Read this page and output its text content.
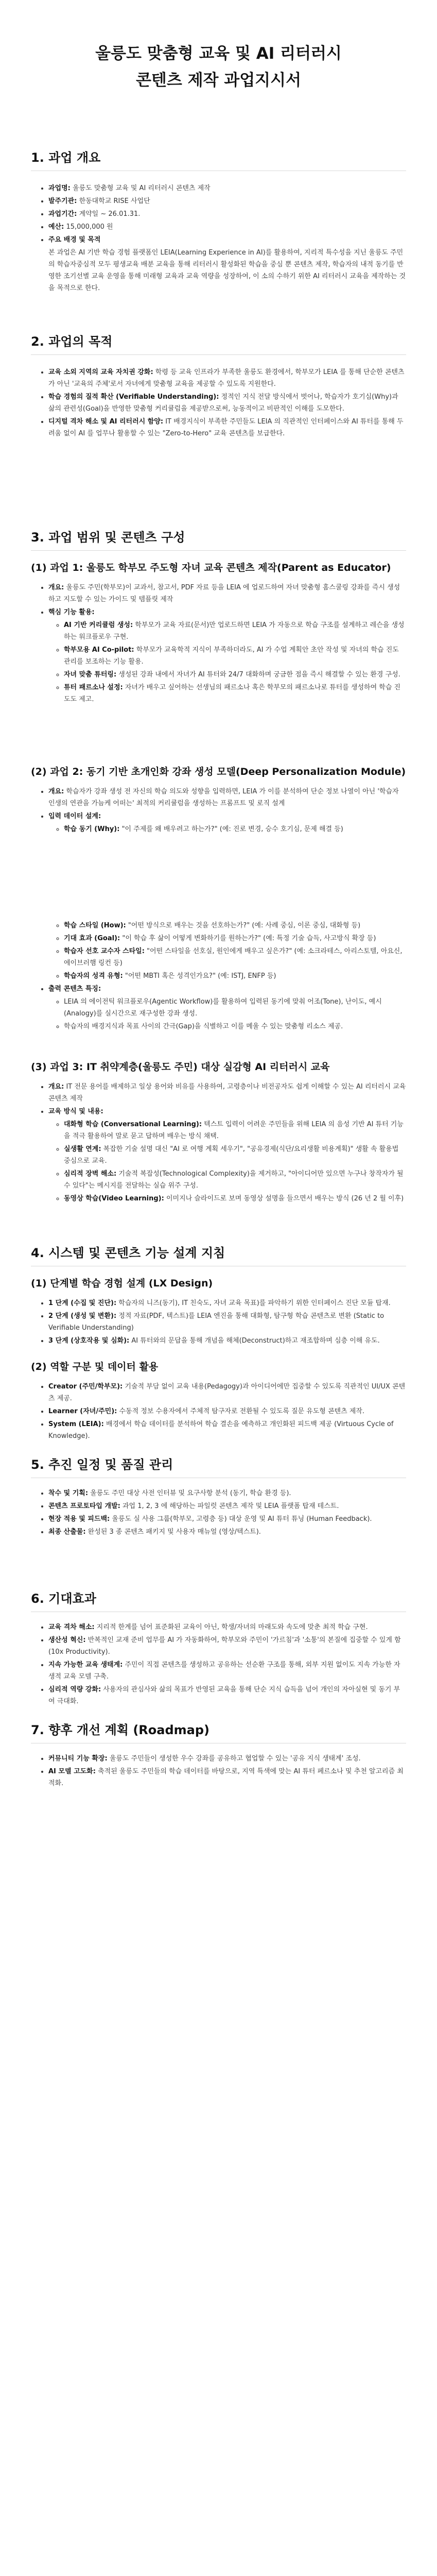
울릉도 맞춤형 교육 및 AI 리터러시
콘텐츠 제작 과업지시서
1. 과업 개요
• 과업명: 울릉도 맞춤형 교육 및 AI 리터러시 콘텐츠 제작
• 발주기관: 한동대학교 RISE 사업단
• 과업기간: 계약일 ~ 26.01.31.
• 예산: 15,000,000 원
• 주요 배경 및 목적

본 과업은 AI 기반 학습 경험 플랫폼인 LEIA(Learning Experience in AI)를 활용하여, 지리적 특수성을 지닌 울릉도 주민의 학습자중심적 모두 평생교육 배분 교육을 통해 리터러시 활성화된 학습을 중심 뿐 콘텐츠 제작, 학습자의 내적 동기를 반영한 조기선별 교육 운영을 통해 미래형 교육과 교육 역량을 성장하여, 이 소의 수하기 위한 AI 리터러시 교육을 제작하는 것을 목적으로 한다.

2. 과업의 목적
• 교육 소외 지역의 교육 자치권 강화: 학령 등 교육 인프라가 부족한 울릉도 환경에서, 학부모가 LEIA 를 통해 단순한 콘텐츠가 아닌 '교육의 주체'로서 자녀에게 맞춤형 교육을 제공할 수 있도록 지원한다.
• 학습 경험의 질적 확산 (Verifiable Understanding): 정적인 지식 전달 방식에서 벗어나, 학습자가 호기심(Why)과 삶의 관련성(Goal)을 반영한 맞춤형 커리큘럼을 제공받으로써, 능동적이고 비판적인 이해를 도모한다.
• 디지털 격차 해소 및 AI 리터러시 함양: IT 배경지식이 부족한 주민들도 LEIA 의 직관적인 인터페이스와 AI 튜터를 통해 두려움 없이 AI 를 업무나 활용할 수 있는 "Zero-to-Hero" 교육 콘텐츠를 보급한다.
3. 과업 범위 및 콘텐츠 구성
(1) 과업 1: 울릉도 학부모 주도형 자녀 교육 콘텐츠 제작(Parent as Educator)
• 개요: 울릉도 주민(학부모)이 교과서, 참고서, PDF 자료 등을 LEIA 에 업로드하여 자녀 맞춤형 홈스쿨링 강좌를 즉시 생성하고 지도할 수 있는 가이드 및 템플릿 제작
• 핵심 기능 활용:
◦ AI 기반 커리큘럼 생성: 학부모가 교육 자료(문서)만 업로드하면 LEIA 가 자동으로 학습 구조를 설계하고 레슨을 생성하는 워크플로우 구현.
◦ 학부모용 AI Co-pilot: 학부모가 교육학적 지식이 부족하더라도, AI 가 수업 계획안 초안 작성 및 자녀의 학습 진도 관리를 보조하는 기능 활용.
◦ 자녀 맞춤 튜터링: 생성된 강좌 내에서 자녀가 AI 튜터와 24/7 대화하며 궁금한 점을 즉시 해결할 수 있는 환경 구성.
◦ 튜터 패르소나 설정: 자녀가 배우고 싶어하는 선생님의 패르소나 혹은 학부모의 패르소나로 튜터를 생성하여 학습 진도도 제고.
(2) 과업 2: 동기 기반 초개인화 강좌 생성 모델(Deep Personalization Module)
• 개요: 학습자가 강좌 생성 전 자신의 학습 의도와 성향을 입력하면, LEIA 가 이를 분석하여 단순 정보 나열이 아닌 '학습자 인생의 연관을 가늠케 어떠는' 최적의 커리큘럼을 생성하는 프롬프트 및 로직 설계
• 입력 데이터 설계:
◦ 학습 동기 (Why): "이 주제를 왜 배우려고 하는가?" (예: 진로 변경, 승수 호기심, 문제 해결 등)
◦ 학습 스타일 (How): "어떤 방식으로 배우는 것을 선호하는가?" (예: 사례 중심, 이론 중심, 대화형 등)
◦ 기대 효과 (Goal): "이 학습 후 삶이 어떻게 변화하기를 원하는가?" (예: 특정 기술 습득, 사고방식 확장 등)
◦ 학습자 선호 교수자 스타일: "어떤 스타일을 선호실, 원인에게 배우고 싶은가?" (예: 소크라테스, 아리스토텔, 아요신, 에이브러햄 링컨 등)
◦ 학습자의 성격 유형: "어떤 MBTI 혹은 성격인가요?" (예: ISTJ, ENFP 등)
• 출력 콘텐츠 특징:
◦ LEIA 의 에이전틱 워크플로우(Agentic Workflow)를 활용하여 입력된 동기에 맞춰 어조(Tone), 난이도, 예시(Analogy)를 실시간으로 재구성한 강좌 생성.
◦ 학습자의 배경지식과 목표 사이의 간극(Gap)을 식별하고 이를 메울 수 있는 맞춤형 리소스 제공.
(3) 과업 3: IT 취약계층(울릉도 주민) 대상 실감형 AI 리터러시 교육
• 개요: IT 전문 용어를 배제하고 일상 용어와 비유를 사용하여, 고령층이나 비전공자도 쉽게 이해할 수 있는 AI 리터러시 교육 콘텐츠 제작
• 교육 방식 및 내용:
◦ 대화형 학습 (Conversational Learning): 텍스트 입력이 어려운 주민들을 위해 LEIA 의 음성 기반 AI 튜터 기능을 적극 활용하여 말로 묻고 답하며 배우는 방식 채택.
◦ 실생활 연계: 복잡한 기술 설명 대신 "AI 로 여행 계획 세우기", "공유경제(식단/요리생활 비용계획)" 생활 속 활용법 중심으로 교육.
◦ 심리적 장벽 해소: 기술적 복잡성(Technological Complexity)을 제거하고, "아이디어만 있으면 누구나 창작자가 될 수 있다"는 메시지를 전달하는 실습 위주 구성.
◦ 동영상 학습(Video Learning): 이미지나 슬라이드로 보며 동영상 설명을 들으면서 배우는 방식 (26 년 2 월 이후)
4. 시스템 및 콘텐츠 기능 설계 지침
(1) 단계별 학습 경험 설계 (LX Design)
• 1 단계 (수집 및 진단): 학습자의 니즈(동기), IT 친숙도, 자녀 교육 목표)를 파악하기 위한 인터페이스 진단 모듈 탑재.
• 2 단계 (생성 및 변환): 정적 자료(PDF, 텍스트)를 LEIA 엔진을 통해 대화형, 탐구형 학습 콘텐츠로 변환 (Static to Verifiable Understanding)
• 3 단계 (상호작용 및 심화): AI 튜터와의 문답을 통해 개념을 해체(Deconstruct)하고 재조합하며 심층 이해 유도.
(2) 역할 구분 및 데이터 활용
• Creator (주민/학부모): 기술적 부담 없이 교육 내용(Pedagogy)과 아이디어에만 집중할 수 있도록 직관적인 UI/UX 콘텐츠 제공.
• Learner (자녀/주민): 수동적 정보 수용자에서 주체적 탐구자로 전환될 수 있도록 질문 유도형 콘텐츠 제작.
• System (LEIA): 배경에서 학습 데이터를 분석하여 학습 결손을 예측하고 개인화된 피드백 제공 (Virtuous Cycle of Knowledge).
5. 추진 일정 및 품질 관리
• 착수 및 기획: 울릉도 주민 대상 사전 인터뷰 및 요구사항 분석 (동기, 학습 환경 등).
• 콘텐츠 프로토타입 개발: 과업 1, 2, 3 에 해당하는 파일럿 콘텐츠 제작 및 LEIA 플랫폼 탑재 테스트.
• 현장 적용 및 피드백: 울릉도 실 사용 그룹(학부모, 고령층 등) 대상 운영 및 AI 튜터 튜닝 (Human Feedback).
• 최종 산출물: 완성된 3 종 콘텐츠 패키지 및 사용자 매뉴얼 (영상/텍스트).
6. 기대효과
• 교육 격차 해소: 지리적 한계를 넘어 표준화된 교육이 아닌, 학생/자녀의 마래도와 속도에 맞춘 최적 학습 구현.
• 생산성 혁신: 반복적인 교재 준비 업무를 AI 가 자동화하여, 학부모와 주민이 '가르침'과 '소통'의 본질에 집중할 수 있게 함 (10x Productivity).
• 지속 가능한 교육 생태계: 주민이 직접 콘텐츠를 생성하고 공유하는 선순환 구조를 통해, 외부 지원 없이도 지속 가능한 자생적 교육 모델 구축.
• 심리적 역량 강화: 사용자의 관심사와 삶의 목표가 반영된 교육을 통해 단순 지식 습득을 넘어 개인의 자아실현 및 동기 부여 극대화.
7. 향후 개선 계획 (Roadmap)
• 커뮤니티 기능 확장: 울릉도 주민들이 생성한 우수 강좌를 공유하고 협업할 수 있는 '공유 지식 생태계' 조성.
• AI 모델 고도화: 축적된 울릉도 주민들의 학습 데이터를 바탕으로, 지역 특색에 맞는 AI 튜터 페르소나 및 추천 알고리즘 최적화.
